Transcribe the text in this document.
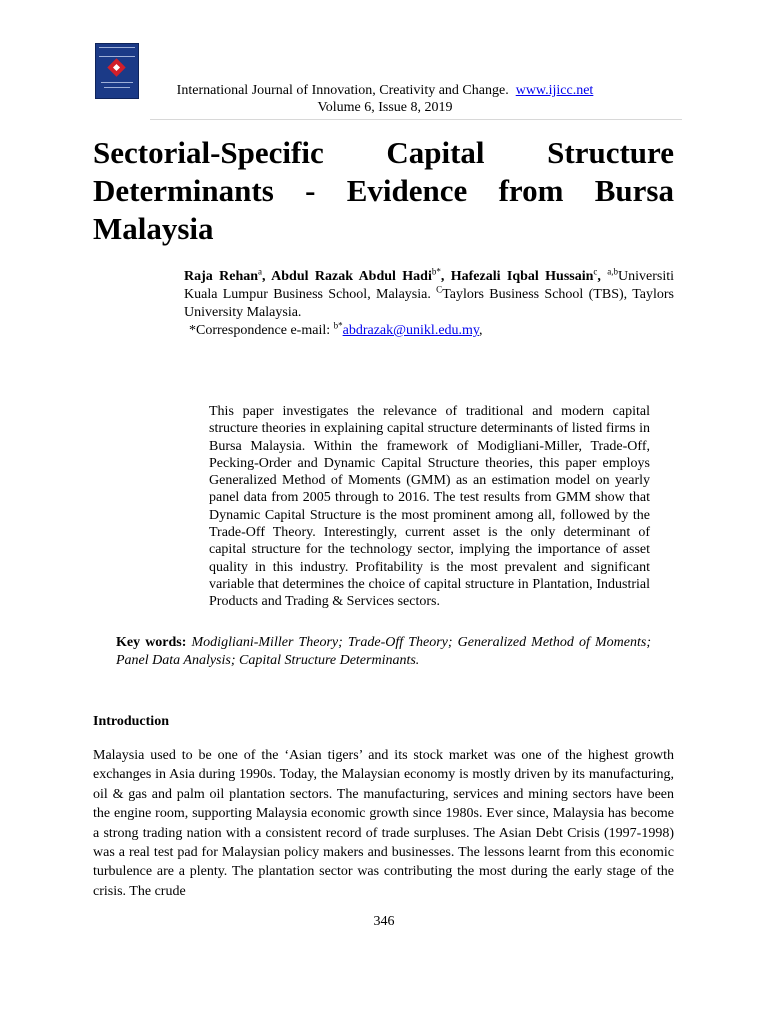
International Journal of Innovation, Creativity and Change. www.ijicc.net
Volume 6, Issue 8, 2019
Sectorial-Specific Capital Structure
Determinants - Evidence from Bursa
Malaysia
Raja Rehan$^a$, Abdul Razak Abdul Hadi$^{b*}$, Hafezali Iqbal Hussain$^c$, $^{a,b}$Universiti Kuala Lumpur Business School, Malaysia. $^C$Taylors Business School (TBS), Taylors University Malaysia.
*Correspondence e-mail: $^{b*}$abdrazak@unikl.edu.my,
This paper investigates the relevance of traditional and modern capital structure theories in explaining capital structure determinants of listed firms in Bursa Malaysia. Within the framework of Modigliani-Miller, Trade-Off, Pecking-Order and Dynamic Capital Structure theories, this paper employs Generalized Method of Moments (GMM) as an estimation model on yearly panel data from 2005 through to 2016. The test results from GMM show that Dynamic Capital Structure is the most prominent among all, followed by the Trade-Off Theory. Interestingly, current asset is the only determinant of capital structure for the technology sector, implying the importance of asset quality in this industry. Profitability is the most prevalent and significant variable that determines the choice of capital structure in Plantation, Industrial Products and Trading & Services sectors.
Key words: Modigliani-Miller Theory; Trade-Off Theory; Generalized Method of Moments; Panel Data Analysis; Capital Structure Determinants.
Introduction
Malaysia used to be one of the ‘Asian tigers’ and its stock market was one of the highest growth exchanges in Asia during 1990s. Today, the Malaysian economy is mostly driven by its manufacturing, oil & gas and palm oil plantation sectors. The manufacturing, services and mining sectors have been the engine room, supporting Malaysia economic growth since 1980s. Ever since, Malaysia has become a strong trading nation with a consistent record of trade surpluses. The Asian Debt Crisis (1997-1998) was a real test pad for Malaysian policy makers and businesses. The lessons learnt from this economic turbulence are a plenty. The plantation sector was contributing the most during the early stage of the crisis. The crude
346
